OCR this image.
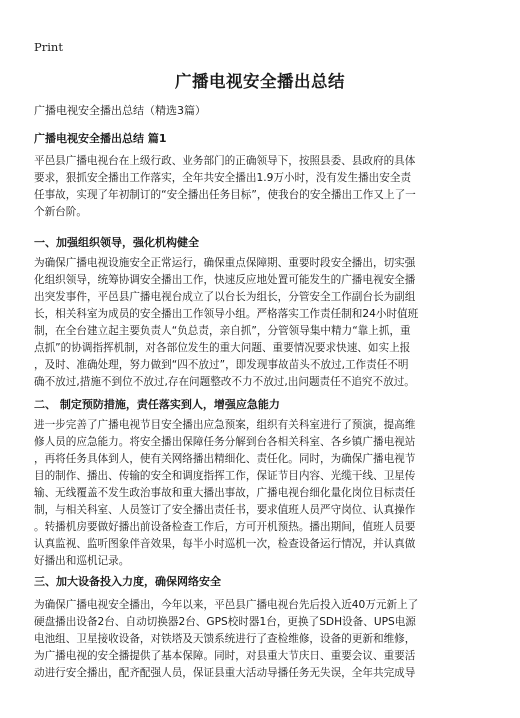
Print
广播电视安全播出总结
广播电视安全播出总结（精选3篇）
广播电视安全播出总结 篇1
平邑县广播电视台在上级行政、业务部门的正确领导下，按照县委、县政府的具体
要求，狠抓安全播出工作落实，全年共安全播出1.9万小时，没有发生播出安全责
任事故，实现了年初制订的“安全播出任务目标”，使我台的安全播出工作又上了一
个新台阶。
一、加强组织领导，强化机构健全
为确保广播电视设施安全正常运行，确保重点保障期、重要时段安全播出，切实强
化组织领导，统筹协调安全播出工作，快速反应地处置可能发生的广播电视安全播
出突发事件，平邑县广播电视台成立了以台长为组长，分管安全工作副台长为副组
长，相关科室为成员的安全播出工作领导小组。严格落实工作责任制和24小时值班
制，在全台建立起主要负责人“负总责，亲自抓”，分管领导集中精力“靠上抓，重
点抓”的协调指挥机制，对各部位发生的重大问题、重要情况要求快速、如实上报
，及时、准确处理，努力做到“四不放过”，即发现事故苗头不放过,工作责任不明
确不放过,措施不到位不放过,存在问题整改不力不放过,出问题责任不追究不放过。
二、 制定预防措施，责任落实到人，增强应急能力
进一步完善了广播电视节目安全播出应急预案，组织有关科室进行了预演，提高维
修人员的应急能力。将安全播出保障任务分解到台各相关科室、各乡镇广播电视站
，再将任务具体到人，使有关网络播出精细化、责任化。同时，为确保广播电视节
目的制作、播出、传输的安全和调度指挥工作，保证节目内容、光缆干线、卫星传
输、无线覆盖不发生政治事故和重大播出事故，广播电视台细化量化岗位目标责任
制，与相关科室、人员签订了安全播出责任书，要求值班人员严守岗位、认真操作
。转播机房要做好播出前设备检查工作后，方可开机预热。播出期间，值班人员要
认真监视、监听图象伴音效果，每半小时巡机一次，检查设备运行情况，并认真做
好播出和巡机记录。
三、加大设备投入力度，确保网络安全
为确保广播电视安全播出，今年以来，平邑县广播电视台先后投入近40万元新上了
硬盘播出设备2台、自动切换器2台、GPS校时器1台，更换了SDH设备、UPS电源
电池组、卫星接收设备，对铁塔及天馈系统进行了查检维修，设备的更新和维修，
为广播电视的安全播提供了基本保障。同时，对县重大节庆日、重要会议、重要活
动进行安全播出，配齐配强人员，保证县重大活动导播任务无失误，全年共完成导
